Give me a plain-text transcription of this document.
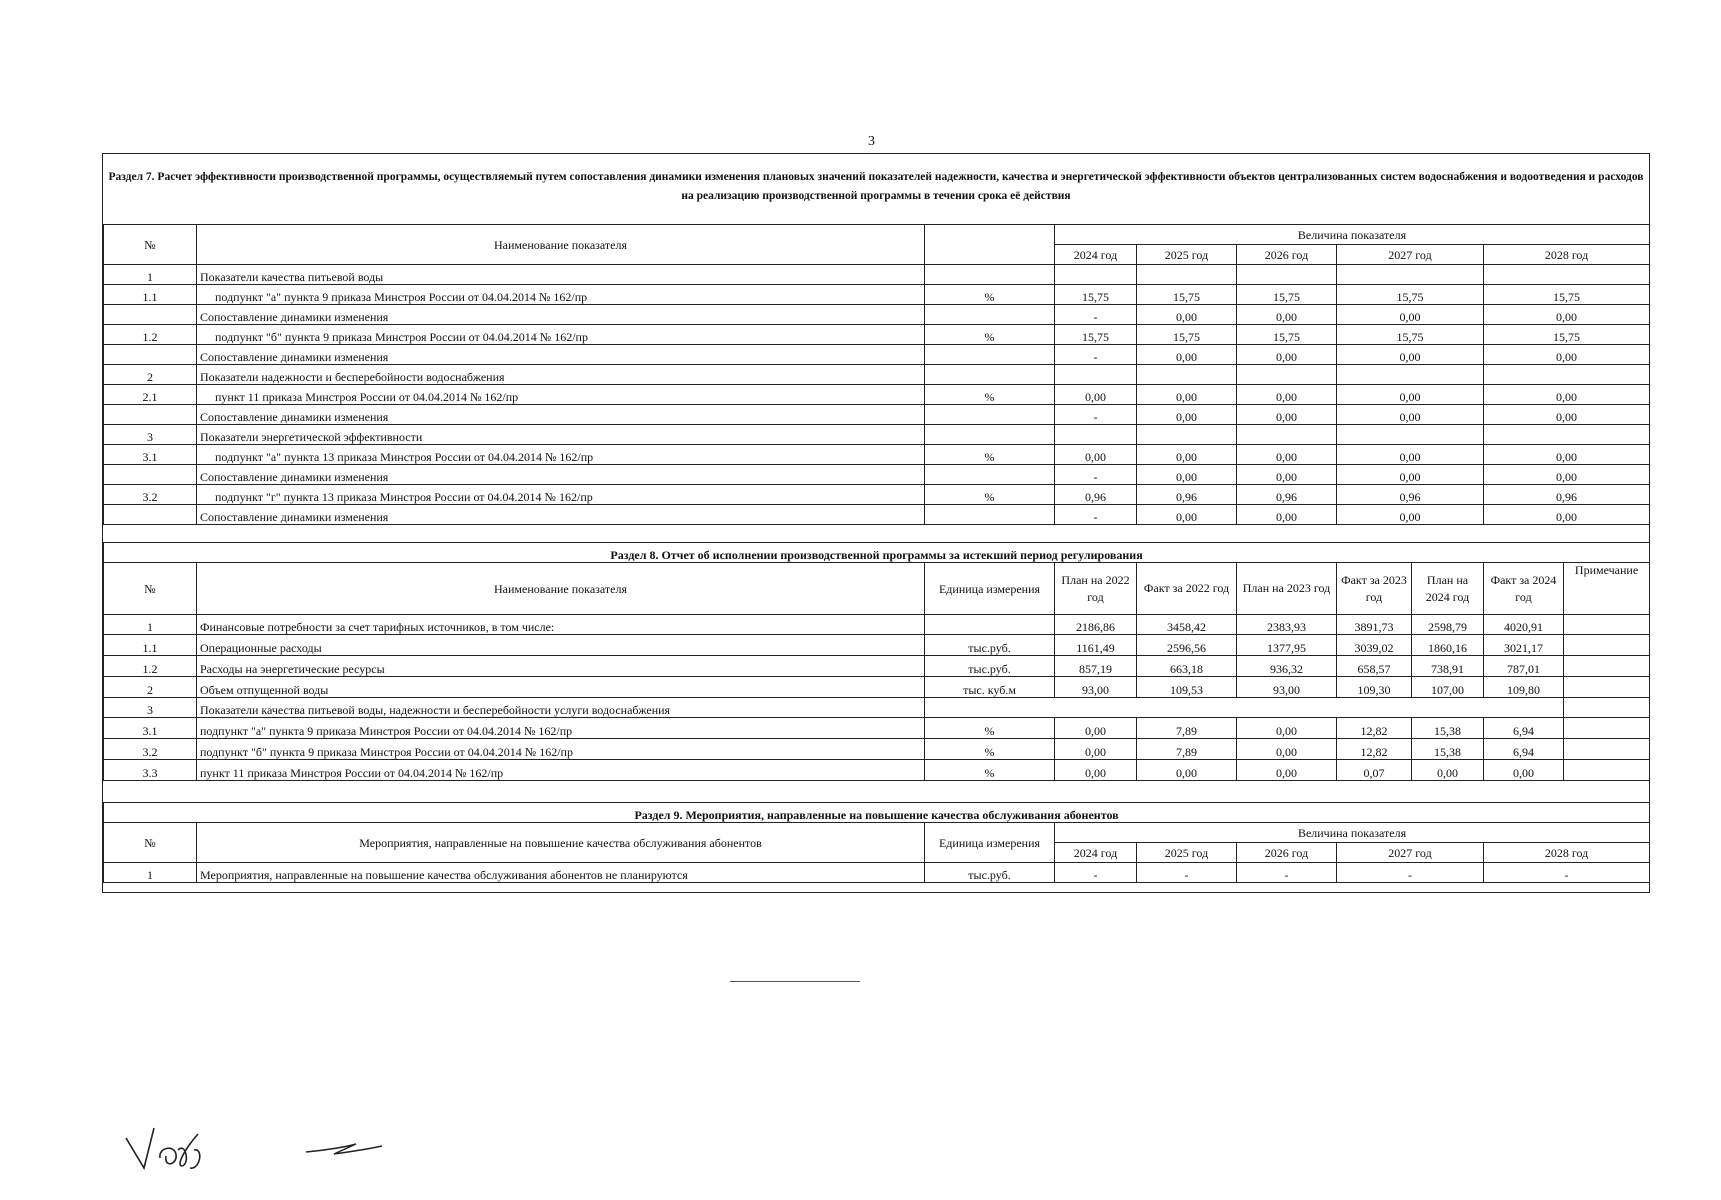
3
Раздел 7. Расчет эффективности производственной программы, осуществляемый путем сопоставления динамики изменения плановых значений показателей надежности, качества и энергетической эффективности объектов централизованных систем водоснабжения и водоотведения и расходов на реализацию производственной программы в течении срока её действия
№	Наименование показателя		Величина показателя				
			2024 год	2025 год	2026 год	2027 год	2028 год
1	Показатели качества питьевой воды						
1.1	подпункт "а" пункта 9 приказа Минстроя России от 04.04.2014 № 162/пр	%	15,75	15,75	15,75	15,75	15,75
	Сопоставление динамики изменения		-	0,00	0,00	0,00	0,00
1.2	подпункт "б" пункта 9 приказа Минстроя России от 04.04.2014 № 162/пр	%	15,75	15,75	15,75	15,75	15,75
	Сопоставление динамики изменения		-	0,00	0,00	0,00	0,00
2	Показатели надежности и бесперебойности водоснабжения						
2.1	пункт 11 приказа Минстроя России от 04.04.2014 № 162/пр	%	0,00	0,00	0,00	0,00	0,00
	Сопоставление динамики изменения		-	0,00	0,00	0,00	0,00
3	Показатели энергетической эффективности						
3.1	подпункт "а" пункта 13 приказа Минстроя России от 04.04.2014 № 162/пр	%	0,00	0,00	0,00	0,00	0,00
	Сопоставление динамики изменения		-	0,00	0,00	0,00	0,00
3.2	подпункт "г" пункта 13 приказа Минстроя России от 04.04.2014 № 162/пр	%	0,96	0,96	0,96	0,96	0,96
	Сопоставление динамики изменения		-	0,00	0,00	0,00	0,00
Раздел 8. Отчет об исполнении производственной программы за истекший период регулирования									
№	Наименование показателя	Единица измерения	План на 2022 год	Факт за 2022 год	План на 2023 год	Факт за 2023 год	План на 2024 год	Факт за 2024 год	Примечание
1	Финансовые потребности за счет тарифных источников, в том числе:		2186,86	3458,42	2383,93	3891,73	2598,79	4020,91	
1.1	Операционные расходы	тыс.руб.	1161,49	2596,56	1377,95	3039,02	1860,16	3021,17	
1.2	Расходы на энергетические ресурсы	тыс.руб.	857,19	663,18	936,32	658,57	738,91	787,01	
2	Объем отпущенной воды	тыс. куб.м	93,00	109,53	93,00	109,30	107,00	109,80	
3	Показатели качества питьевой воды, надежности и бесперебойности услуги водоснабжения								
3.1	подпункт "а" пункта 9 приказа Минстроя России от 04.04.2014 № 162/пр	%	0,00	7,89	0,00	12,82	15,38	6,94	
3.2	подпункт "б" пункта 9 приказа Минстроя России от 04.04.2014 № 162/пр	%	0,00	7,89	0,00	12,82	15,38	6,94	
3.3	пункт 11 приказа Минстроя России от 04.04.2014 № 162/пр	%	0,00	0,00	0,00	0,07	0,00	0,00	
Раздел 9. Мероприятия, направленные на повышение качества обслуживания абонентов							
№	Мероприятия, направленные на повышение качества обслуживания абонентов	Единица измерения	Величина показателя				
			2024 год	2025 год	2026 год	2027 год	2028 год
1	Мероприятия, направленные на повышение качества обслуживания абонентов не планируются	тыс.руб.	-	-	-	-	-
